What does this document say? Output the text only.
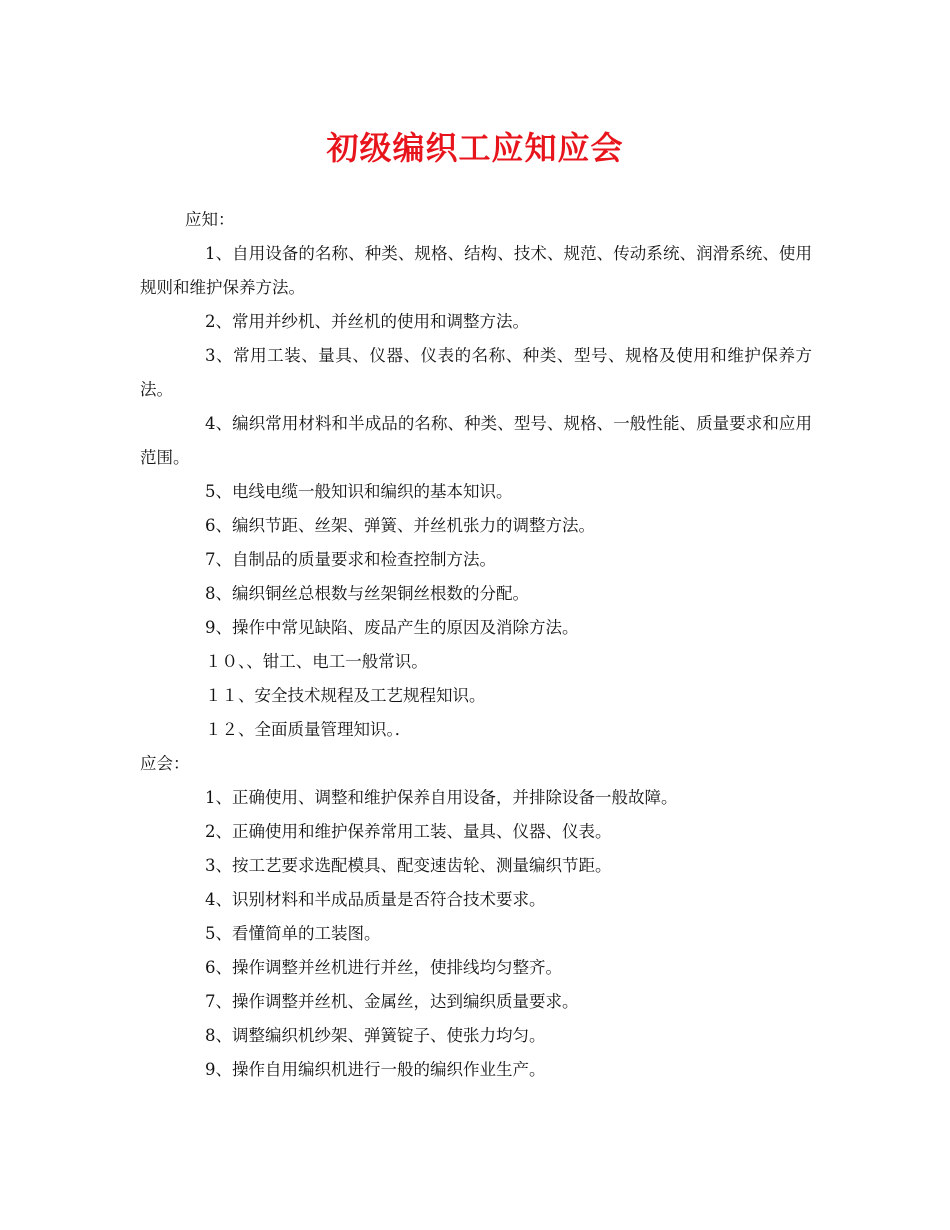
初级编织工应知应会

应知：

1、自用设备的名称、种类、规格、结构、技术、规范、传动系统、润滑系统、使用规则和维护保养方法。

2、常用并纱机、并丝机的使用和调整方法。

3、常用工装、量具、仪器、仪表的名称、种类、型号、规格及使用和维护保养方法。

4、编织常用材料和半成品的名称、种类、型号、规格、一般性能、质量要求和应用范围。

5、电线电缆一般知识和编织的基本知识。

6、编织节距、丝架、弹簧、并丝机张力的调整方法。

7、自制品的质量要求和检查控制方法。

8、编织铜丝总根数与丝架铜丝根数的分配。

9、操作中常见缺陷、废品产生的原因及消除方法。

１０、、钳工、电工一般常识。

１１、安全技术规程及工艺规程知识。

１２、全面质量管理知识。．

应会：

1、正确使用、调整和维护保养自用设备，并排除设备一般故障。

2、正确使用和维护保养常用工装、量具、仪器、仪表。

3、按工艺要求选配模具、配变速齿轮、测量编织节距。

4、识别材料和半成品质量是否符合技术要求。

5、看懂简单的工装图。

6、操作调整并丝机进行并丝，使排线均匀整齐。

7、操作调整并丝机、金属丝，达到编织质量要求。

8、调整编织机纱架、弹簧锭子、使张力均匀。

9、操作自用编织机进行一般的编织作业生产。
